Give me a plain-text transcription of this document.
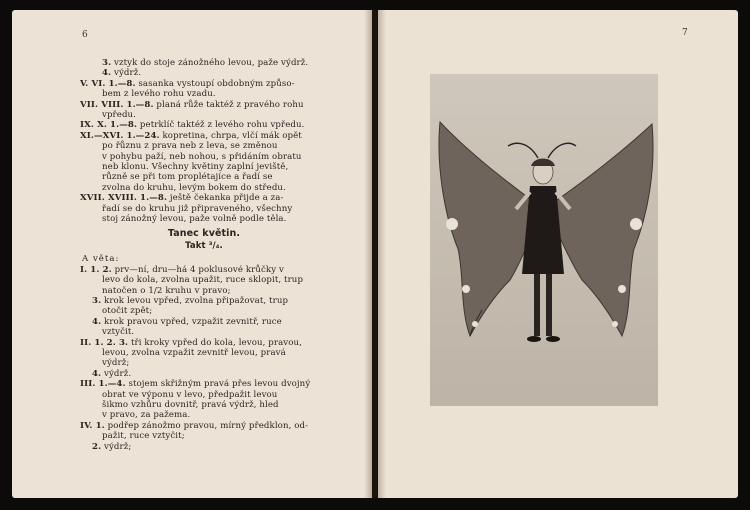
6	7
3. vztyk do stoje zánožného levou, paže výdrž.
4. výdrž.
V. VI. 1.—8. sasanka vystoupí obdobným způso-
bem z levého rohu vzadu.
VII. VIII. 1.—8. planá růže taktéž z pravého rohu
vpředu.
IX. X. 1.—8. petrklíč taktéž z levého rohu vpředu.
XI.—XVI. 1.—24. kopretina, chrpa, vlčí mák opět
po řůznu z prava neb z leva, se změnou
v pohybu paží, neb nohou, s přidáním obratu
neb klonu. Všechny květiny zaplní jeviště,
různě se při tom proplétajíce a řadí se
zvolna do kruhu, levým bokem do středu.
XVII. XVIII. 1.—8. ještě čekanka přijde a za-
řadí se do kruhu již připraveného, všechny
stoj zánožný levou, paže volně podle těla.
Tanec květin.
Takt ³/₄.
A věta:
I. 1. 2. prv—ní, dru—há 4 poklusové krůčky v
levo do kola, zvolna upažit, ruce sklopit, trup
natočen o 1/2 kruhu v pravo;
3. krok levou vpřed, zvolna připažovat, trup
otočit zpět;
4. krok pravou vpřed, vzpažit zevnitř, ruce
vztyčit.
II. 1. 2. 3. tři kroky vpřed do kola, levou, pravou,
levou, zvolna vzpažit zevnitř levou, pravá
výdrž;
4. výdrž.
III. 1.—4. stojem skřižným pravá přes levou dvojný
obrat ve výponu v levo, předpažit levou
šikmo vzhůru dovnitř, pravá výdrž, hled
v pravo, za pažema.
IV. 1. podřep zánožmo pravou, mírný předklon, od-
pažit, ruce vztyčit;
2. výdrž;
